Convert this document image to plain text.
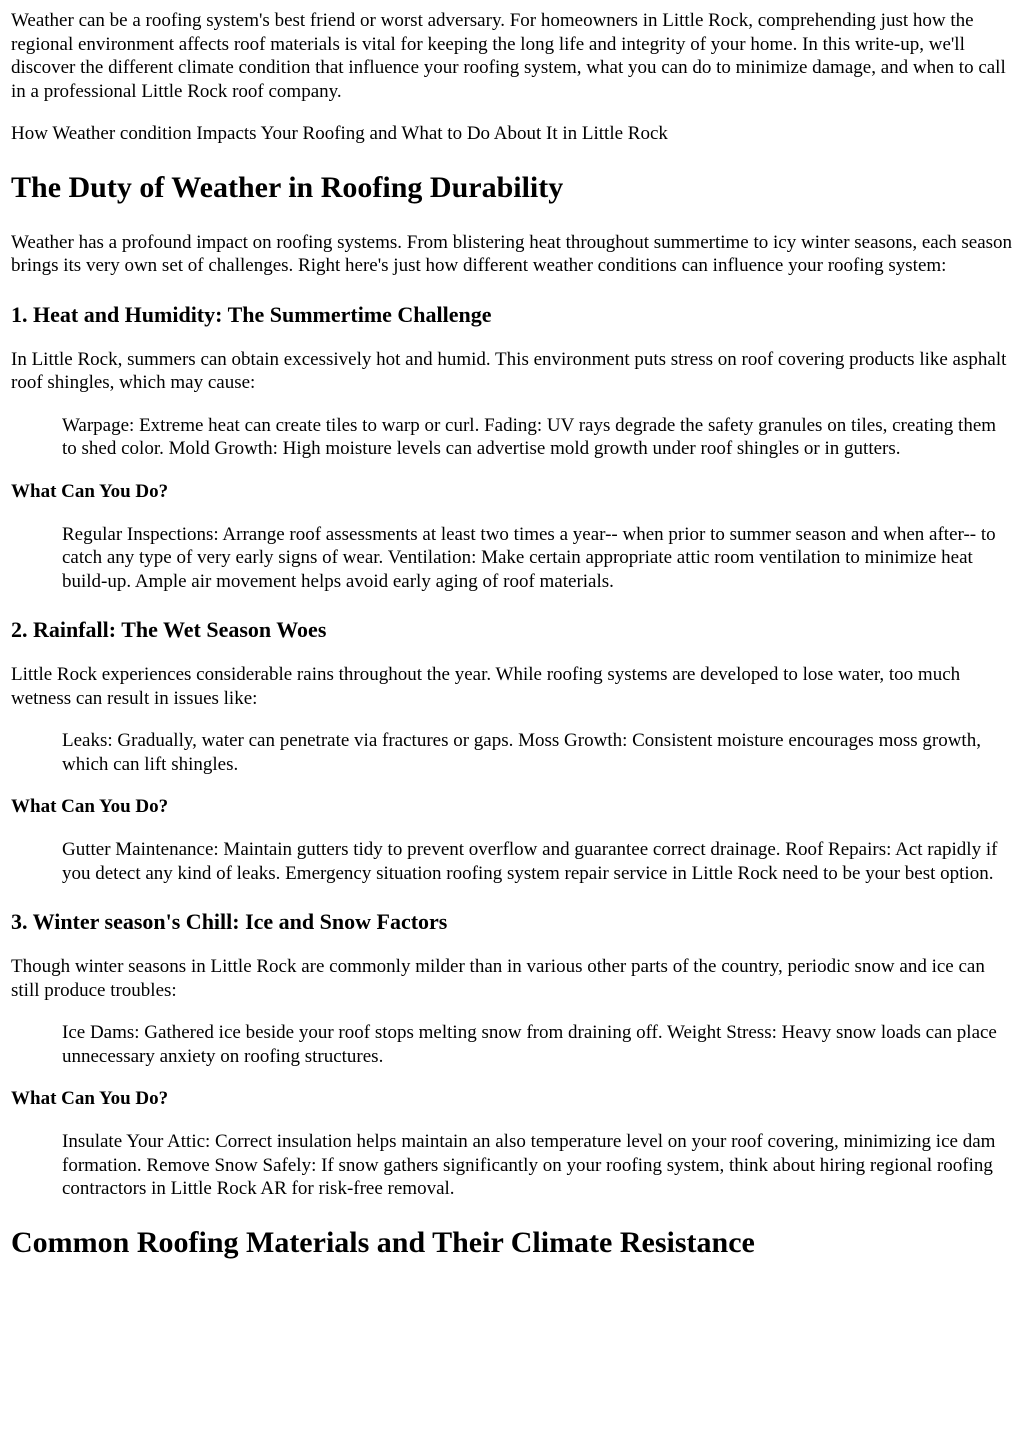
Weather can be a roofing system's best friend or worst adversary. For homeowners in Little Rock, comprehending just how the regional environment affects roof materials is vital for keeping the long life and integrity of your home. In this write-up, we'll discover the different climate condition that influence your roofing system, what you can do to minimize damage, and when to call in a professional Little Rock roof company.

How Weather condition Impacts Your Roofing and What to Do About It in Little Rock

The Duty of Weather in Roofing Durability

Weather has a profound impact on roofing systems. From blistering heat throughout summertime to icy winter seasons, each season brings its very own set of challenges. Right here's just how different weather conditions can influence your roofing system:

1. Heat and Humidity: The Summertime Challenge

In Little Rock, summers can obtain excessively hot and humid. This environment puts stress on roof covering products like asphalt roof shingles, which may cause:

Warpage: Extreme heat can create tiles to warp or curl. Fading: UV rays degrade the safety granules on tiles, creating them to shed color. Mold Growth: High moisture levels can advertise mold growth under roof shingles or in gutters.
What Can You Do?
Regular Inspections: Arrange roof assessments at least two times a year-- when prior to summer season and when after-- to catch any type of very early signs of wear. Ventilation: Make certain appropriate attic room ventilation to minimize heat build-up. Ample air movement helps avoid early aging of roof materials.
2. Rainfall: The Wet Season Woes

Little Rock experiences considerable rains throughout the year. While roofing systems are developed to lose water, too much wetness can result in issues like:

Leaks: Gradually, water can penetrate via fractures or gaps. Moss Growth: Consistent moisture encourages moss growth, which can lift shingles.
What Can You Do?
Gutter Maintenance: Maintain gutters tidy to prevent overflow and guarantee correct drainage. Roof Repairs: Act rapidly if you detect any kind of leaks. Emergency situation roofing system repair service in Little Rock need to be your best option.
3. Winter season's Chill: Ice and Snow Factors

Though winter seasons in Little Rock are commonly milder than in various other parts of the country, periodic snow and ice can still produce troubles:

Ice Dams: Gathered ice beside your roof stops melting snow from draining off. Weight Stress: Heavy snow loads can place unnecessary anxiety on roofing structures.
What Can You Do?
Insulate Your Attic: Correct insulation helps maintain an also temperature level on your roof covering, minimizing ice dam formation. Remove Snow Safely: If snow gathers significantly on your roofing system, think about hiring regional roofing contractors in Little Rock AR for risk-free removal.
Common Roofing Materials and Their Climate Resistance
